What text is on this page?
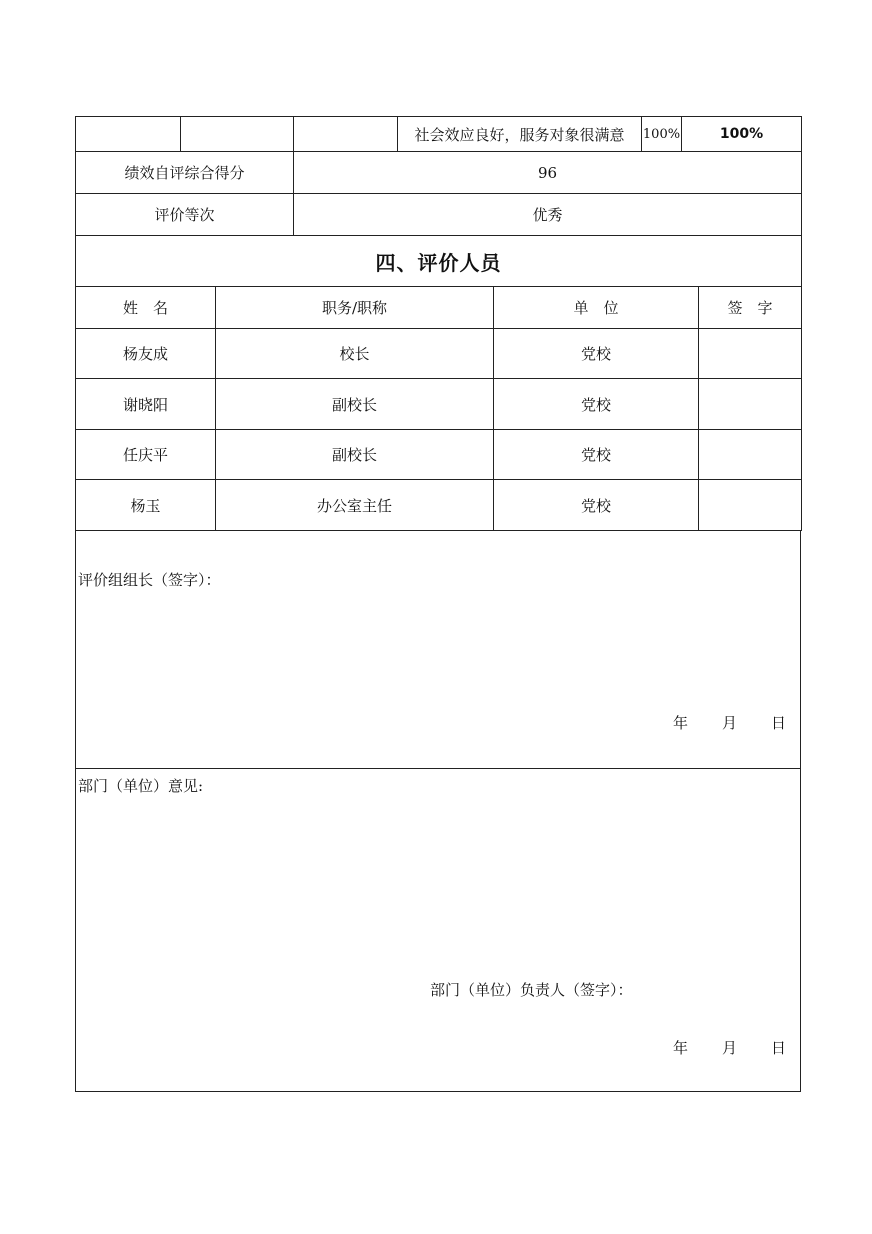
			社会效应良好，服务对象很满意	100%	100%
绩效自评综合得分		96			
评价等次		优秀			
四、评价人员					
姓　名	职务/职称	单　位	签　字
杨友成	校长	党校	
谢晓阳	副校长	党校	
任庆平	副校长	党校	
杨玉	办公室主任	党校	
评价组组长（签字）：
年 月 日
部门（单位）意见:
部门（单位）负责人（签字）：
年 月 日
